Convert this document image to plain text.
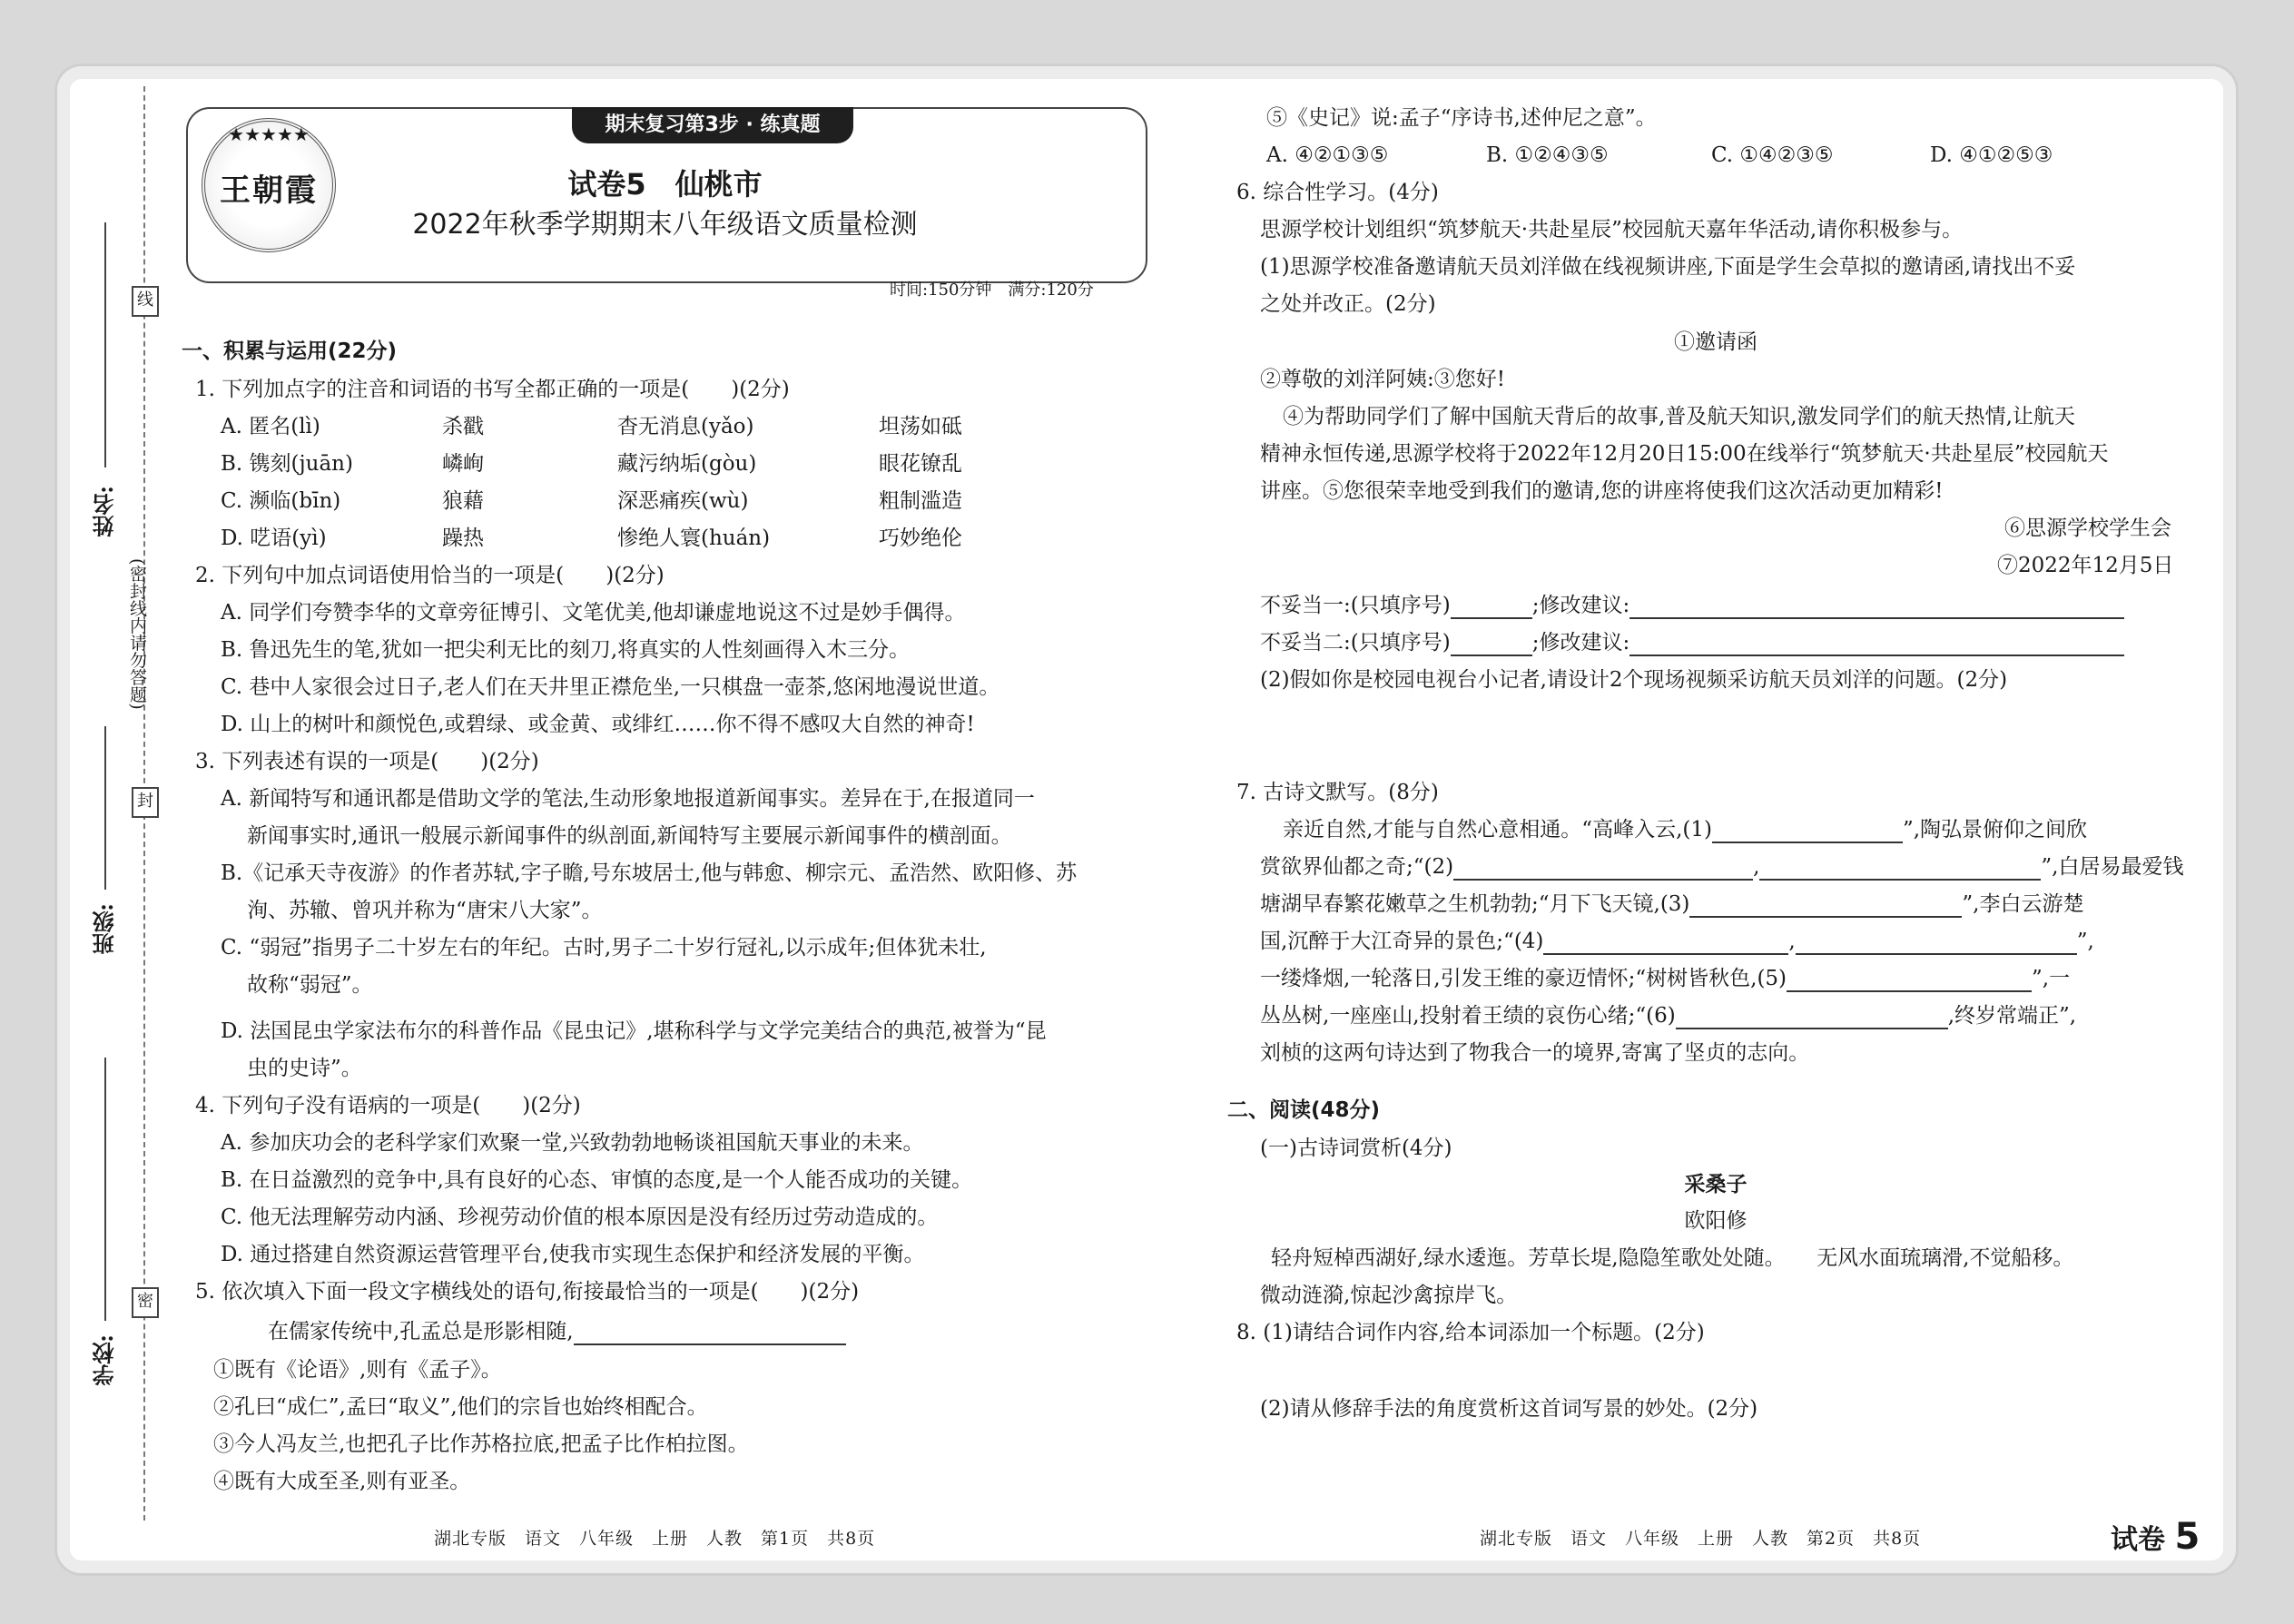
线
封
密
(密封线内请勿答题)
姓名:
班级:
学校:
期末复习第3步 · 练真题
★★★★★
王朝霞	试卷5　仙桃市
2022年秋季学期期末八年级语文质量检测
时间:150分钟　满分:120分
一、积累与运用(22分)
1. 下列加点字的注音和词语的书写全都正确的一项是(　　)(2分)
A. 匿名(lì)	杀戳	杳无消息(yǎo)	坦荡如砥
B. 镌刻(juān)	嶙峋	藏污纳垢(gòu)	眼花镣乱
C. 濒临(bīn)	狼藉	深恶痛疾(wù)	粗制滥造
D. 呓语(yì)	躁热	惨绝人寰(huán)	巧妙绝伦
2. 下列句中加点词语使用恰当的一项是(　　)(2分)
A. 同学们夸赞李华的文章旁征博引、文笔优美,他却谦虚地说这不过是妙手偶得。
B. 鲁迅先生的笔,犹如一把尖利无比的刻刀,将真实的人性刻画得入木三分。
C. 巷中人家很会过日子,老人们在天井里正襟危坐,一只棋盘一壶茶,悠闲地漫说世道。
D. 山上的树叶和颜悦色,或碧绿、或金黄、或绯红……你不得不感叹大自然的神奇!
3. 下列表述有误的一项是(　　)(2分)
A. 新闻特写和通讯都是借助文学的笔法,生动形象地报道新闻事实。差异在于,在报道同一
新闻事实时,通讯一般展示新闻事件的纵剖面,新闻特写主要展示新闻事件的横剖面。
B.《记承天寺夜游》的作者苏轼,字子瞻,号东坡居士,他与韩愈、柳宗元、孟浩然、欧阳修、苏
洵、苏辙、曾巩并称为“唐宋八大家”。
C. “弱冠”指男子二十岁左右的年纪。古时,男子二十岁行冠礼,以示成年;但体犹未壮,
故称“弱冠”。
D. 法国昆虫学家法布尔的科普作品《昆虫记》,堪称科学与文学完美结合的典范,被誉为“昆
虫的史诗”。
4. 下列句子没有语病的一项是(　　)(2分)
A. 参加庆功会的老科学家们欢聚一堂,兴致勃勃地畅谈祖国航天事业的未来。
B. 在日益激烈的竞争中,具有良好的心态、审慎的态度,是一个人能否成功的关键。
C. 他无法理解劳动内涵、珍视劳动价值的根本原因是没有经历过劳动造成的。
D. 通过搭建自然资源运营管理平台,使我市实现生态保护和经济发展的平衡。
5. 依次填入下面一段文字横线处的语句,衔接最恰当的一项是(　　)(2分)
在儒家传统中,孔孟总是形影相随,
①既有《论语》,则有《孟子》。
②孔曰“成仁”,孟曰“取义”,他们的宗旨也始终相配合。
③今人冯友兰,也把孔子比作苏格拉底,把孟子比作柏拉图。
④既有大成至圣,则有亚圣。
湖北专版　语文　八年级　上册　人教　第1页　共8页
⑤《史记》说:孟子“序诗书,述仲尼之意”。
A. ④②①③⑤	B. ①②④③⑤	C. ①④②③⑤	D. ④①②⑤③
6. 综合性学习。(4分)
思源学校计划组织“筑梦航天·共赴星辰”校园航天嘉年华活动,请你积极参与。
(1)思源学校准备邀请航天员刘洋做在线视频讲座,下面是学生会草拟的邀请函,请找出不妥
之处并改正。(2分)
①邀请函
②尊敬的刘洋阿姨:③您好!
④为帮助同学们了解中国航天背后的故事,普及航天知识,激发同学们的航天热情,让航天
精神永恒传递,思源学校将于2022年12月20日15:00在线举行“筑梦航天·共赴星辰”校园航天
讲座。⑤您很荣幸地受到我们的邀请,您的讲座将使我们这次活动更加精彩!
⑥思源学校学生会
⑦2022年12月5日
不妥当一:(只填序号)	;修改建议:
不妥当二:(只填序号)	;修改建议:
(2)假如你是校园电视台小记者,请设计2个现场视频采访航天员刘洋的问题。(2分)
7. 古诗文默写。(8分)
亲近自然,才能与自然心意相通。“高峰入云,(1)	”,陶弘景俯仰之间欣
赏欲界仙都之奇;“(2)	,	”,白居易最爱钱
塘湖早春繁花嫩草之生机勃勃;“月下飞天镜,(3)	”,李白云游楚
国,沉醉于大江奇异的景色;“(4)	,	”,
一缕烽烟,一轮落日,引发王维的豪迈情怀;“树树皆秋色,(5)	”,一
丛丛树,一座座山,投射着王绩的哀伤心绪;“(6)	,终岁常端正”,
刘桢的这两句诗达到了物我合一的境界,寄寓了坚贞的志向。
二、阅读(48分)
(一)古诗词赏析(4分)
采桑子
欧阳修
轻舟短棹西湖好,绿水逶迤。芳草长堤,隐隐笙歌处处随。　　无风水面琉璃滑,不觉船移。
微动涟漪,惊起沙禽掠岸飞。
8. (1)请结合词作内容,给本词添加一个标题。(2分)
(2)请从修辞手法的角度赏析这首词写景的妙处。(2分)
湖北专版　语文　八年级　上册　人教　第2页　共8页	试卷 5
